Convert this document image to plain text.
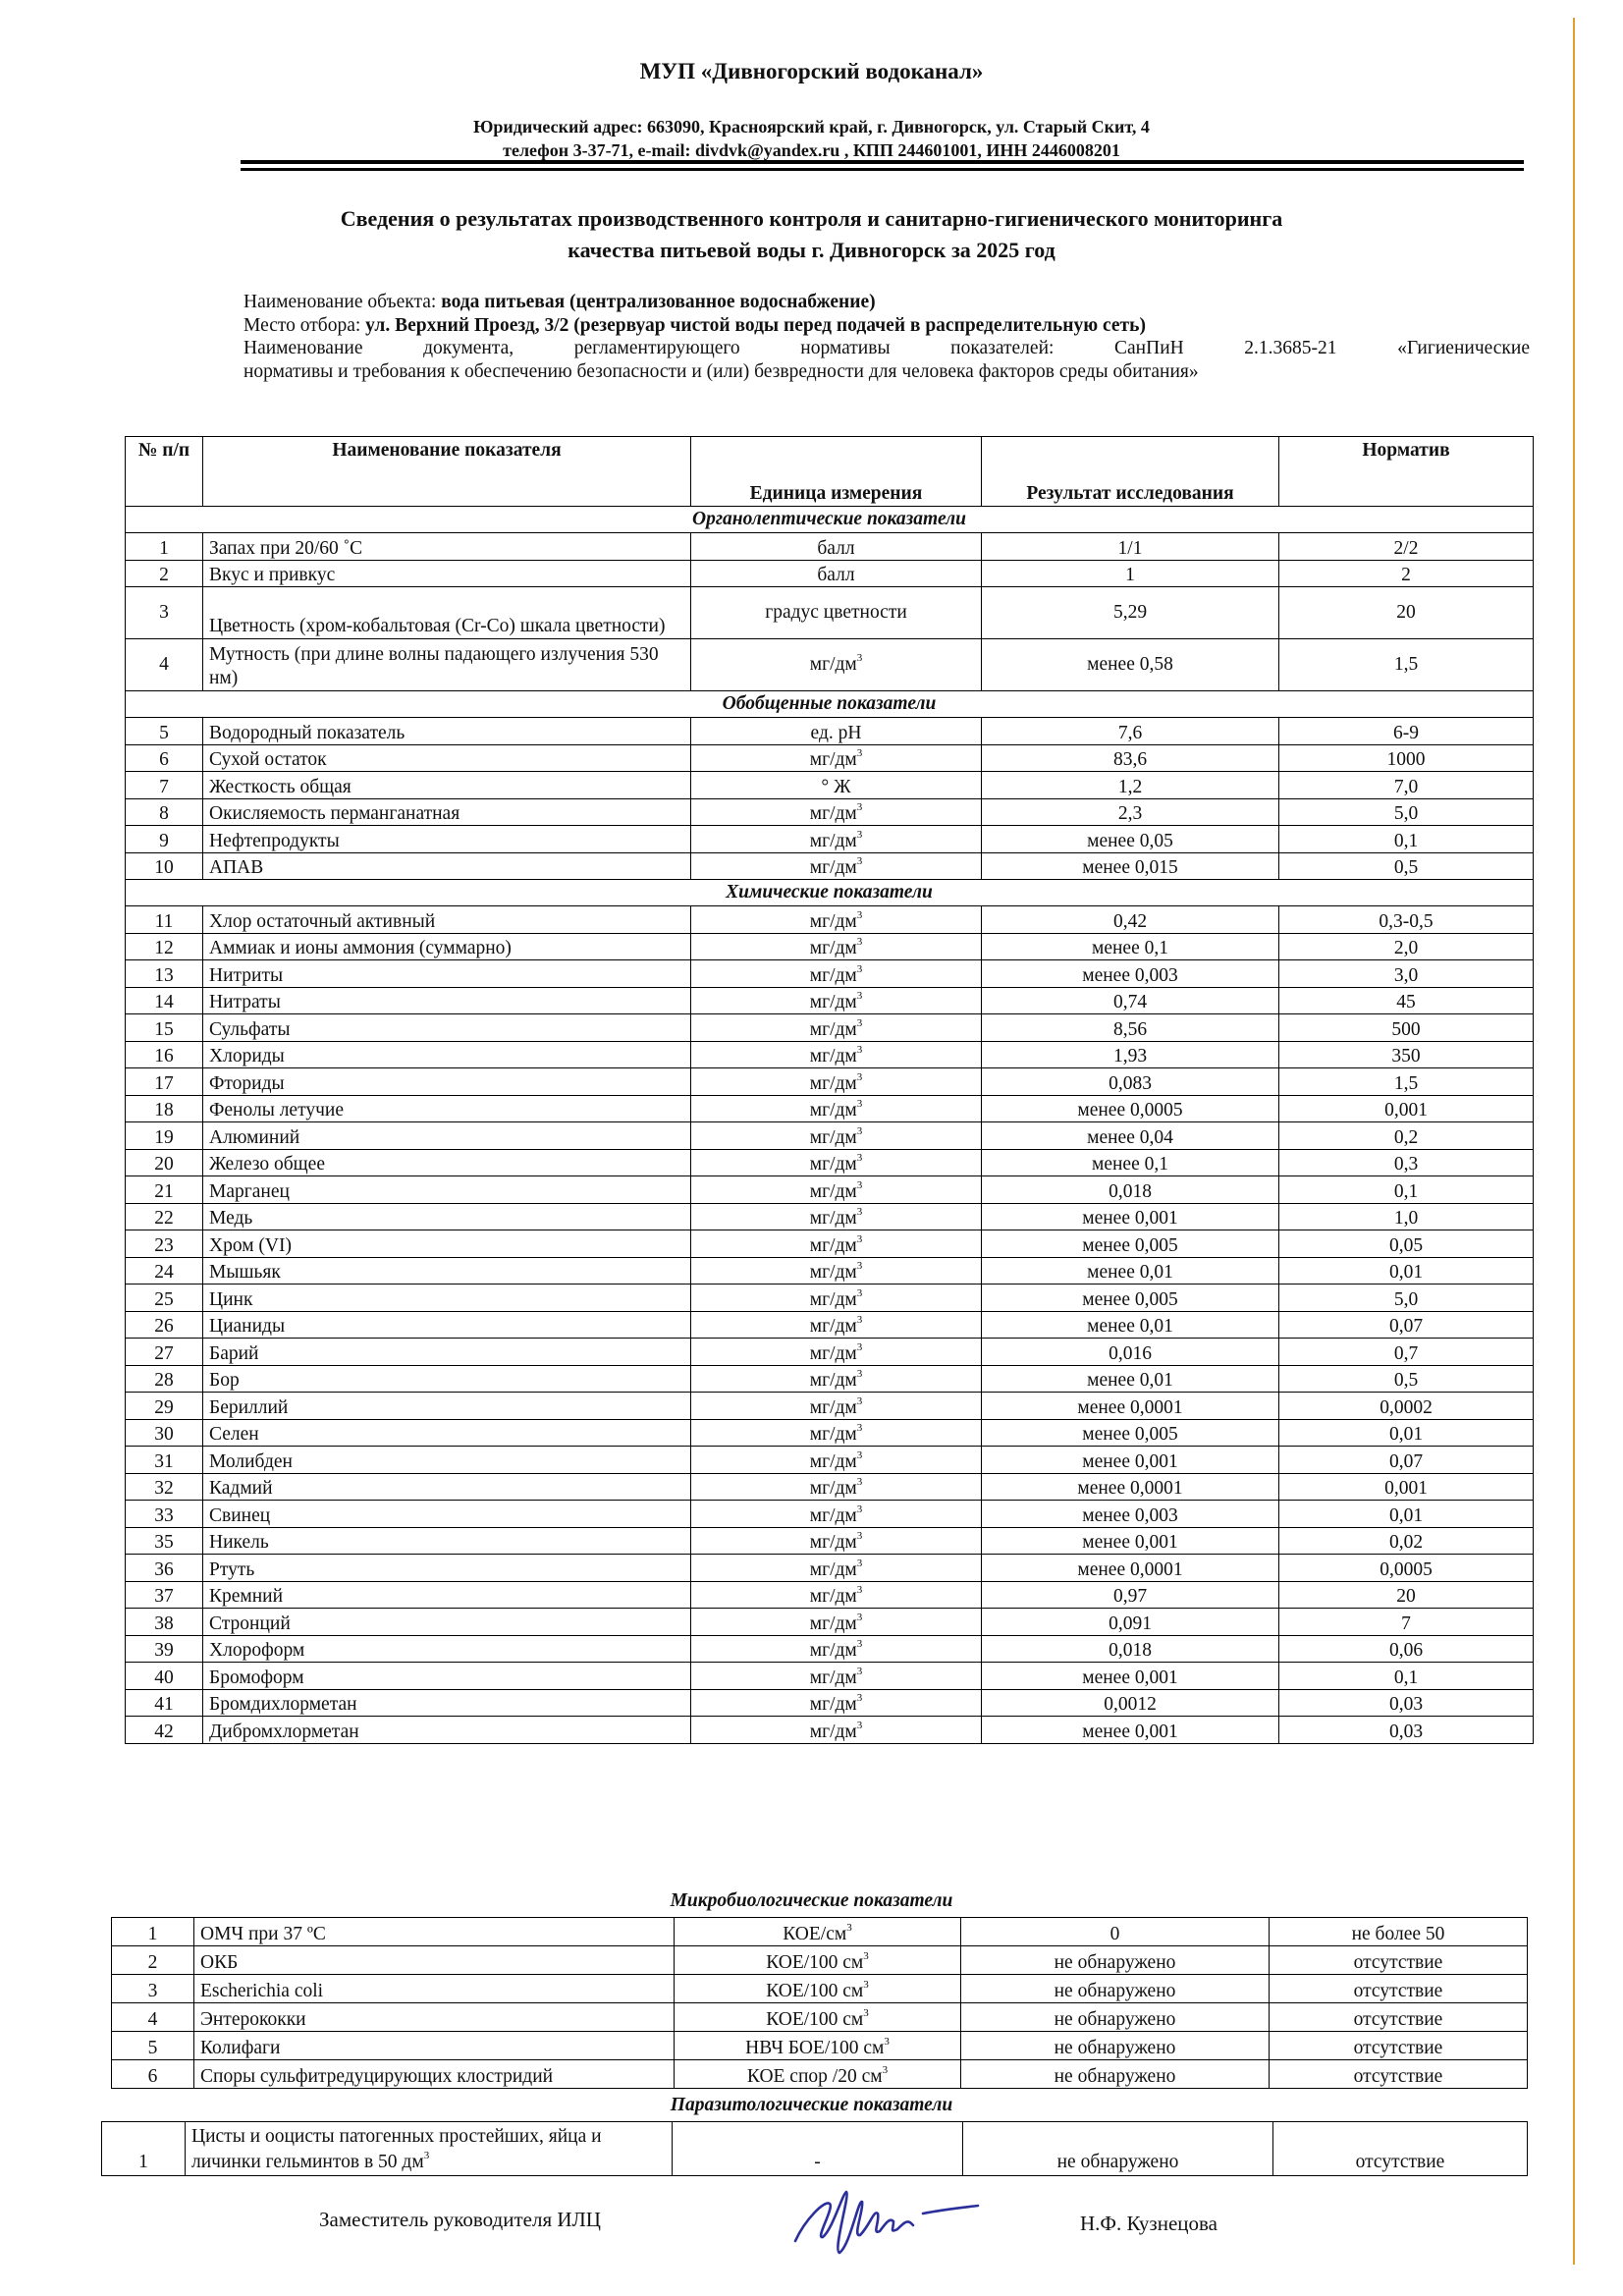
МУП «Дивногорский водоканал»
Юридический адрес: 663090, Красноярский край, г. Дивногорск, ул. Старый Скит, 4
телефон 3-37-71, e-mail: divdvk@yandex.ru , КПП 244601001, ИНН 2446008201
Сведения о результатах производственного контроля и санитарно-гигиенического мониторинга
качества питьевой воды г. Дивногорск за 2025 год

Наименование объекта: вода питьевая (централизованное водоснабжение)

Место отбора: ул. Верхний Проезд, 3/2 (резервуар чистой воды перед подачей в распределительную сеть)

Наименование документа, регламентирующего нормативы показателей: СанПиН 2.1.3685-21 «Гигиенические

нормативы и требования к обеспечению безопасности и (или) безвредности для человека факторов среды обитания»

№ п/п	Наименование показателя	Единица измерения	Результат исследования	Норматив
Органолептические показатели				
1	Запах при 20/60 ˚С	балл	1/1	2/2
2	Вкус и привкус	балл	1	2
3	Цветность (хром-кобальтовая (Cr-Co) шкала цветности)	градус цветности	5,29	20
4	Мутность (при длине волны падающего излучения 530 нм)	$мг/дм^3$	менее 0,58	1,5
Обобщенные показатели				
5	Водородный показатель	ед. pH	7,6	6-9
6	Сухой остаток	$мг/дм^3$	83,6	1000
7	Жесткость общая	° Ж	1,2	7,0
8	Окисляемость перманганатная	$мг/дм^3$	2,3	5,0
9	Нефтепродукты	$мг/дм^3$	менее 0,05	0,1
10	АПАВ	$мг/дм^3$	менее 0,015	0,5
Химические показатели				
11	Хлор остаточный активный	$мг/дм^3$	0,42	0,3-0,5
12	Аммиак и ионы аммония (суммарно)	$мг/дм^3$	менее 0,1	2,0
13	Нитриты	$мг/дм^3$	менее 0,003	3,0
14	Нитраты	$мг/дм^3$	0,74	45
15	Сульфаты	$мг/дм^3$	8,56	500
16	Хлориды	$мг/дм^3$	1,93	350
17	Фториды	$мг/дм^3$	0,083	1,5
18	Фенолы летучие	$мг/дм^3$	менее 0,0005	0,001
19	Алюминий	$мг/дм^3$	менее 0,04	0,2
20	Железо общее	$мг/дм^3$	менее 0,1	0,3
21	Марганец	$мг/дм^3$	0,018	0,1
22	Медь	$мг/дм^3$	менее 0,001	1,0
23	Хром (VI)	$мг/дм^3$	менее 0,005	0,05
24	Мышьяк	$мг/дм^3$	менее 0,01	0,01
25	Цинк	$мг/дм^3$	менее 0,005	5,0
26	Цианиды	$мг/дм^3$	менее 0,01	0,07
27	Барий	$мг/дм^3$	0,016	0,7
28	Бор	$мг/дм^3$	менее 0,01	0,5
29	Бериллий	$мг/дм^3$	менее 0,0001	0,0002
30	Селен	$мг/дм^3$	менее 0,005	0,01
31	Молибден	$мг/дм^3$	менее 0,001	0,07
32	Кадмий	$мг/дм^3$	менее 0,0001	0,001
33	Свинец	$мг/дм^3$	менее 0,003	0,01
35	Никель	$мг/дм^3$	менее 0,001	0,02
36	Ртуть	$мг/дм^3$	менее 0,0001	0,0005
37	Кремний	$мг/дм^3$	0,97	20
38	Стронций	$мг/дм^3$	0,091	7
39	Хлороформ	$мг/дм^3$	0,018	0,06
40	Бромоформ	$мг/дм^3$	менее 0,001	0,1
41	Бромдихлорметан	$мг/дм^3$	0,0012	0,03
42	Дибромхлорметан	$мг/дм^3$	менее 0,001	0,03
Микробиологические показатели
1	ОМЧ при 37 ºС	КОЕ/$см^3$	0	не более 50
2	ОКБ	КОЕ/100 $см^3$	не обнаружено	отсутствие
3	Escherichia coli	КОЕ/100 $см^3$	не обнаружено	отсутствие
4	Энтерококки	КОЕ/100 $см^3$	не обнаружено	отсутствие
5	Колифаги	НВЧ БОЕ/100 $см^3$	не обнаружено	отсутствие
6	Споры сульфитредуцирующих клостридий	КОЕ спор /20 $см^3$	не обнаружено	отсутствие
Паразитологические показатели
1	Цисты и ооцисты патогенных простейших, яйца и личинки гельминтов в 50 $дм^3$	-	не обнаружено	отсутствие
Заместитель руководителя ИЛЦ	Н.Ф. Кузнецова
